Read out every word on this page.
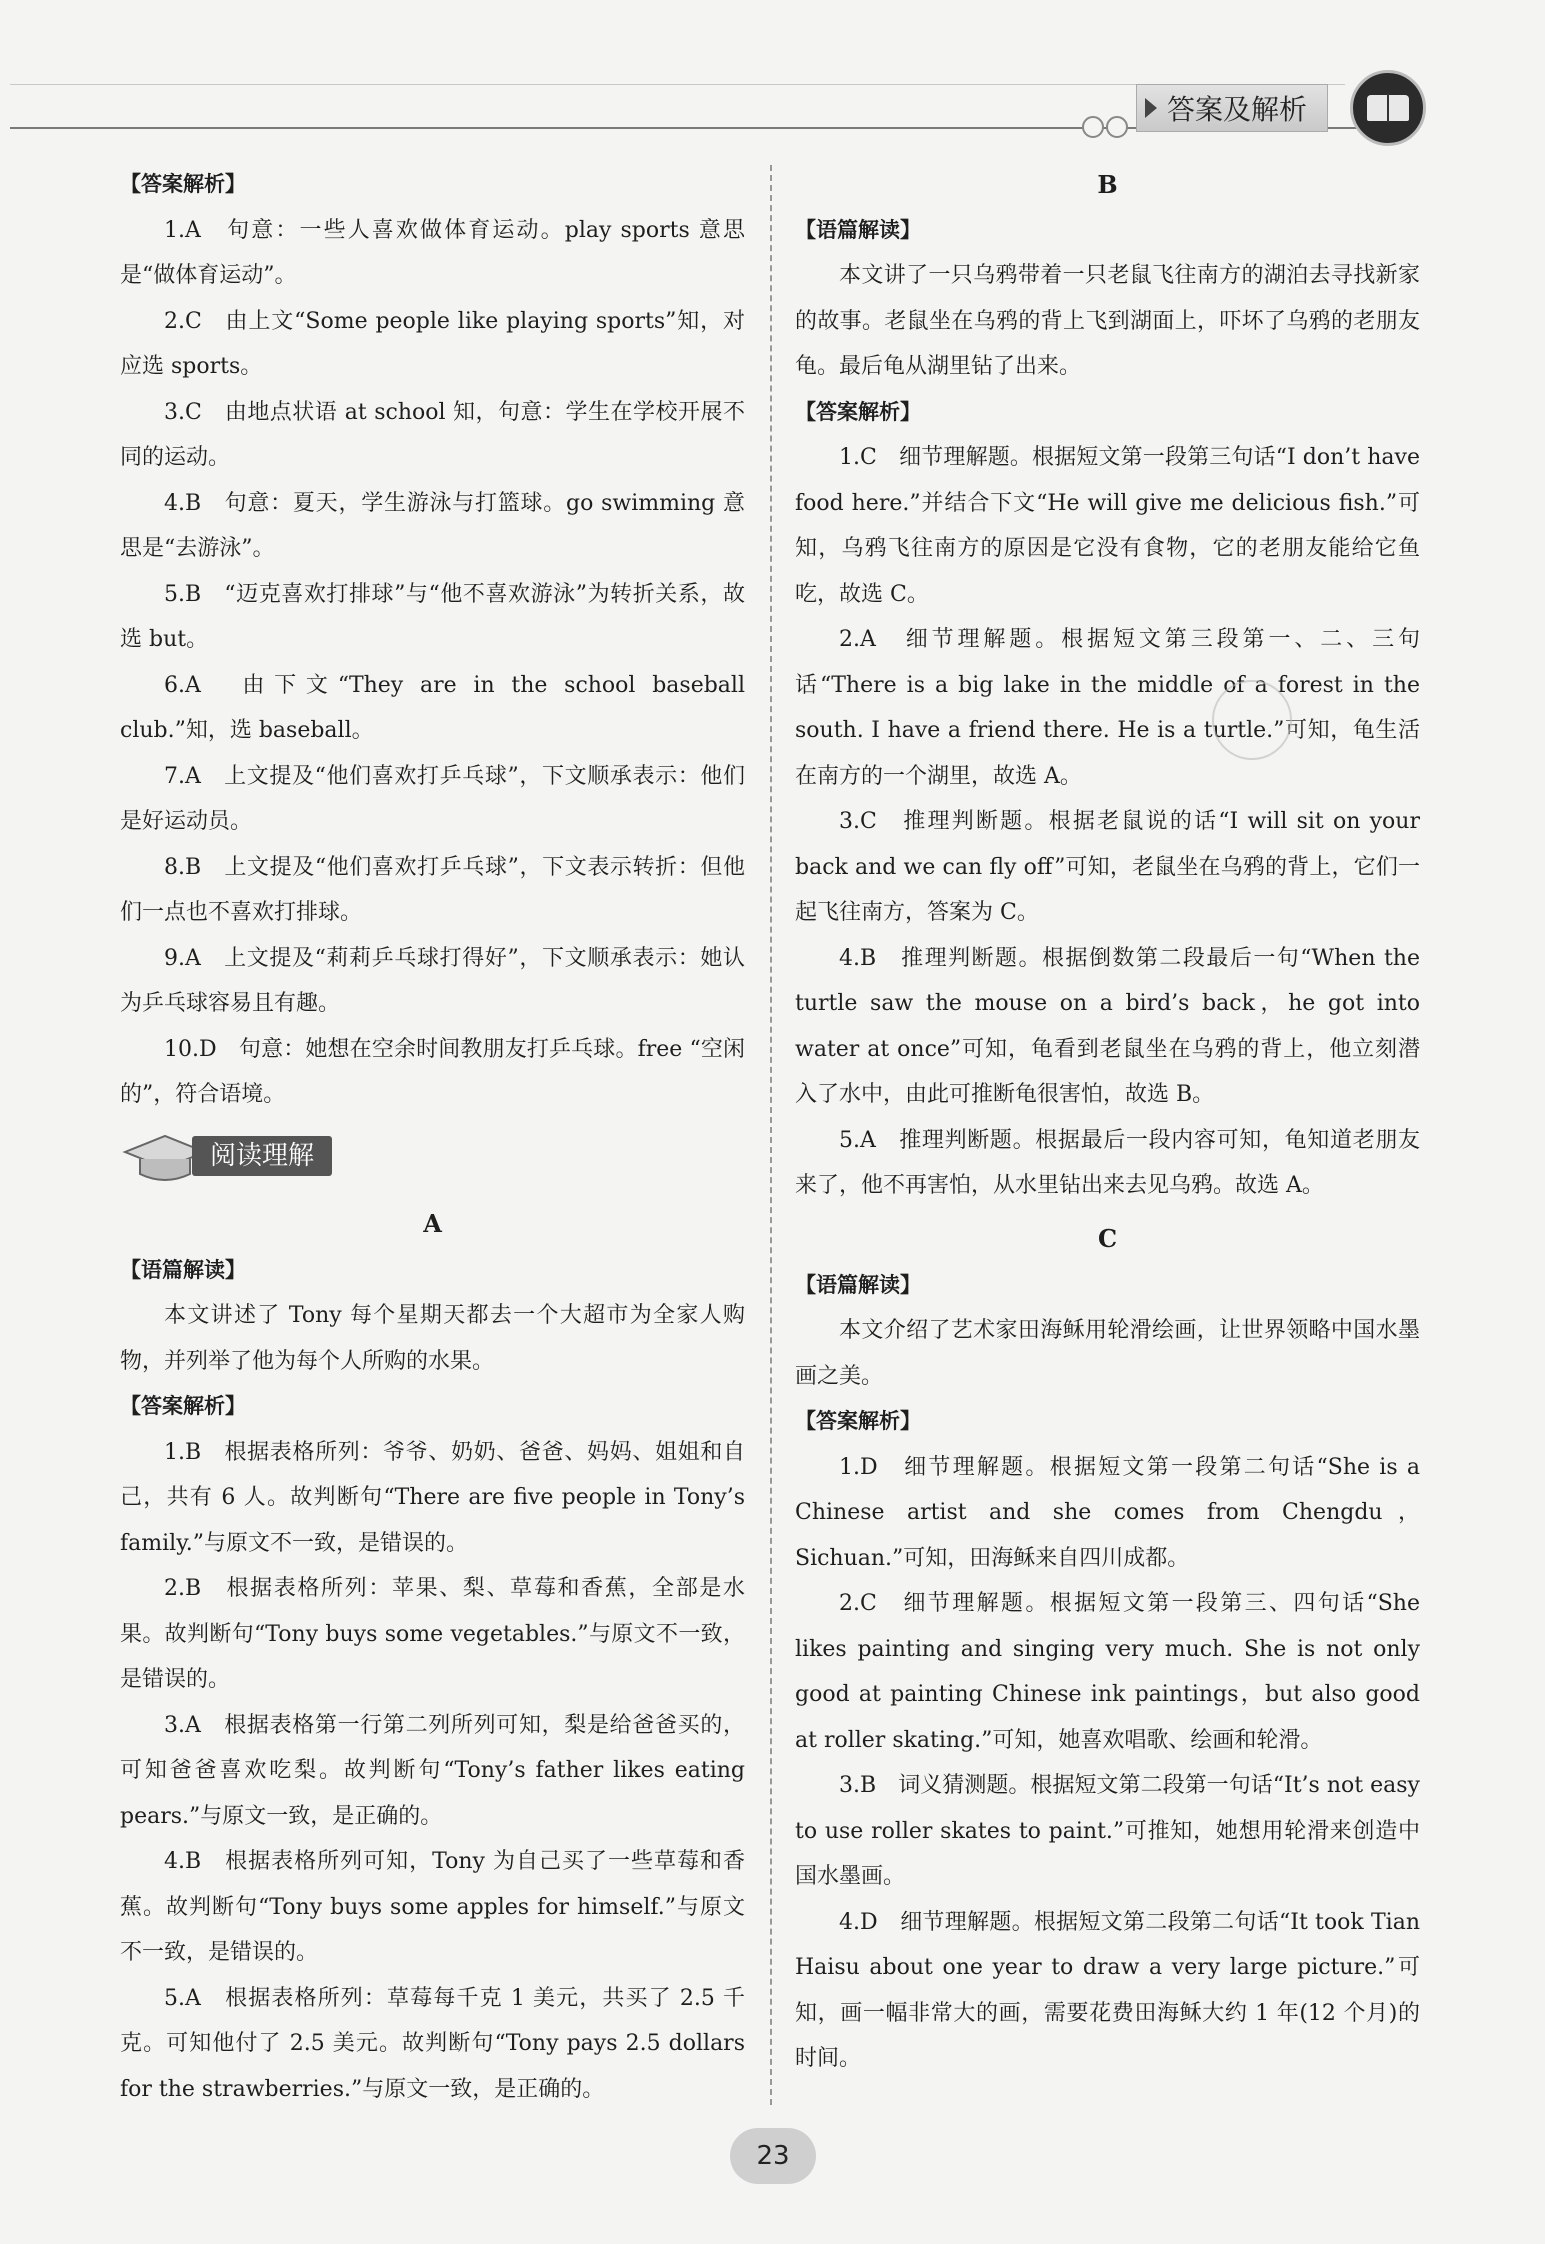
答案及解析

【答案解析】

1.A　句意：一些人喜欢做体育运动。play sports 意思是“做体育运动”。

2.C　由上文“Some people like playing sports”知，对应选 sports。

3.C　由地点状语 at school 知，句意：学生在学校开展不同的运动。

4.B　句意：夏天，学生游泳与打篮球。go swimming 意思是“去游泳”。

5.B　“迈克喜欢打排球”与“他不喜欢游泳”为转折关系，故选 but。

6.A　由下文“They are in the school baseball club.”知，选 baseball。

7.A　上文提及“他们喜欢打乒乓球”，下文顺承表示：他们是好运动员。

8.B　上文提及“他们喜欢打乒乓球”，下文表示转折：但他们一点也不喜欢打排球。

9.A　上文提及“莉莉乒乓球打得好”，下文顺承表示：她认为乒乓球容易且有趣。

10.D　句意：她想在空余时间教朋友打乒乓球。free “空闲的”，符合语境。

阅读理解

A

【语篇解读】

本文讲述了 Tony 每个星期天都去一个大超市为全家人购物，并列举了他为每个人所购的水果。

【答案解析】

1.B　根据表格所列：爷爷、奶奶、爸爸、妈妈、姐姐和自己，共有 6 人。故判断句“There are five people in Tony’s family.”与原文不一致，是错误的。

2.B　根据表格所列：苹果、梨、草莓和香蕉，全部是水果。故判断句“Tony buys some vegetables.”与原文不一致，是错误的。

3.A　根据表格第一行第二列所列可知，梨是给爸爸买的，可知爸爸喜欢吃梨。故判断句“Tony’s father likes eating pears.”与原文一致，是正确的。

4.B　根据表格所列可知，Tony 为自己买了一些草莓和香蕉。故判断句“Tony buys some apples for himself.”与原文不一致，是错误的。

5.A　根据表格所列：草莓每千克 1 美元，共买了 2.5 千克。可知他付了 2.5 美元。故判断句“Tony pays 2.5 dollars for the strawberries.”与原文一致，是正确的。

B

【语篇解读】

本文讲了一只乌鸦带着一只老鼠飞往南方的湖泊去寻找新家的故事。老鼠坐在乌鸦的背上飞到湖面上，吓坏了乌鸦的老朋友龟。最后龟从湖里钻了出来。

【答案解析】

1.C　细节理解题。根据短文第一段第三句话“I don’t have food here.”并结合下文“He will give me delicious fish.”可知，乌鸦飞往南方的原因是它没有食物，它的老朋友能给它鱼吃，故选 C。

2.A　细节理解题。根据短文第三段第一、二、三句话“There is a big lake in the middle of a forest in the south. I have a friend there. He is a turtle.”可知，龟生活在南方的一个湖里，故选 A。

3.C　推理判断题。根据老鼠说的话“I will sit on your back and we can fly off”可知，老鼠坐在乌鸦的背上，它们一起飞往南方，答案为 C。

4.B　推理判断题。根据倒数第二段最后一句“When the turtle saw the mouse on a bird’s back，he got into water at once”可知，龟看到老鼠坐在乌鸦的背上，他立刻潜入了水中，由此可推断龟很害怕，故选 B。

5.A　推理判断题。根据最后一段内容可知，龟知道老朋友来了，他不再害怕，从水里钻出来去见乌鸦。故选 A。

C

【语篇解读】

本文介绍了艺术家田海稣用轮滑绘画，让世界领略中国水墨画之美。

【答案解析】

1.D　细节理解题。根据短文第一段第二句话“She is a Chinese artist and she comes from Chengdu，Sichuan.”可知，田海稣来自四川成都。

2.C　细节理解题。根据短文第一段第三、四句话“She likes painting and singing very much. She is not only good at painting Chinese ink paintings，but also good at roller skating.”可知，她喜欢唱歌、绘画和轮滑。

3.B　词义猜测题。根据短文第二段第一句话“It’s not easy to use roller skates to paint.”可推知，她想用轮滑来创造中国水墨画。

4.D　细节理解题。根据短文第二段第二句话“It took Tian Haisu about one year to draw a very large picture.”可知，画一幅非常大的画，需要花费田海稣大约 1 年(12 个月)的时间。

23
